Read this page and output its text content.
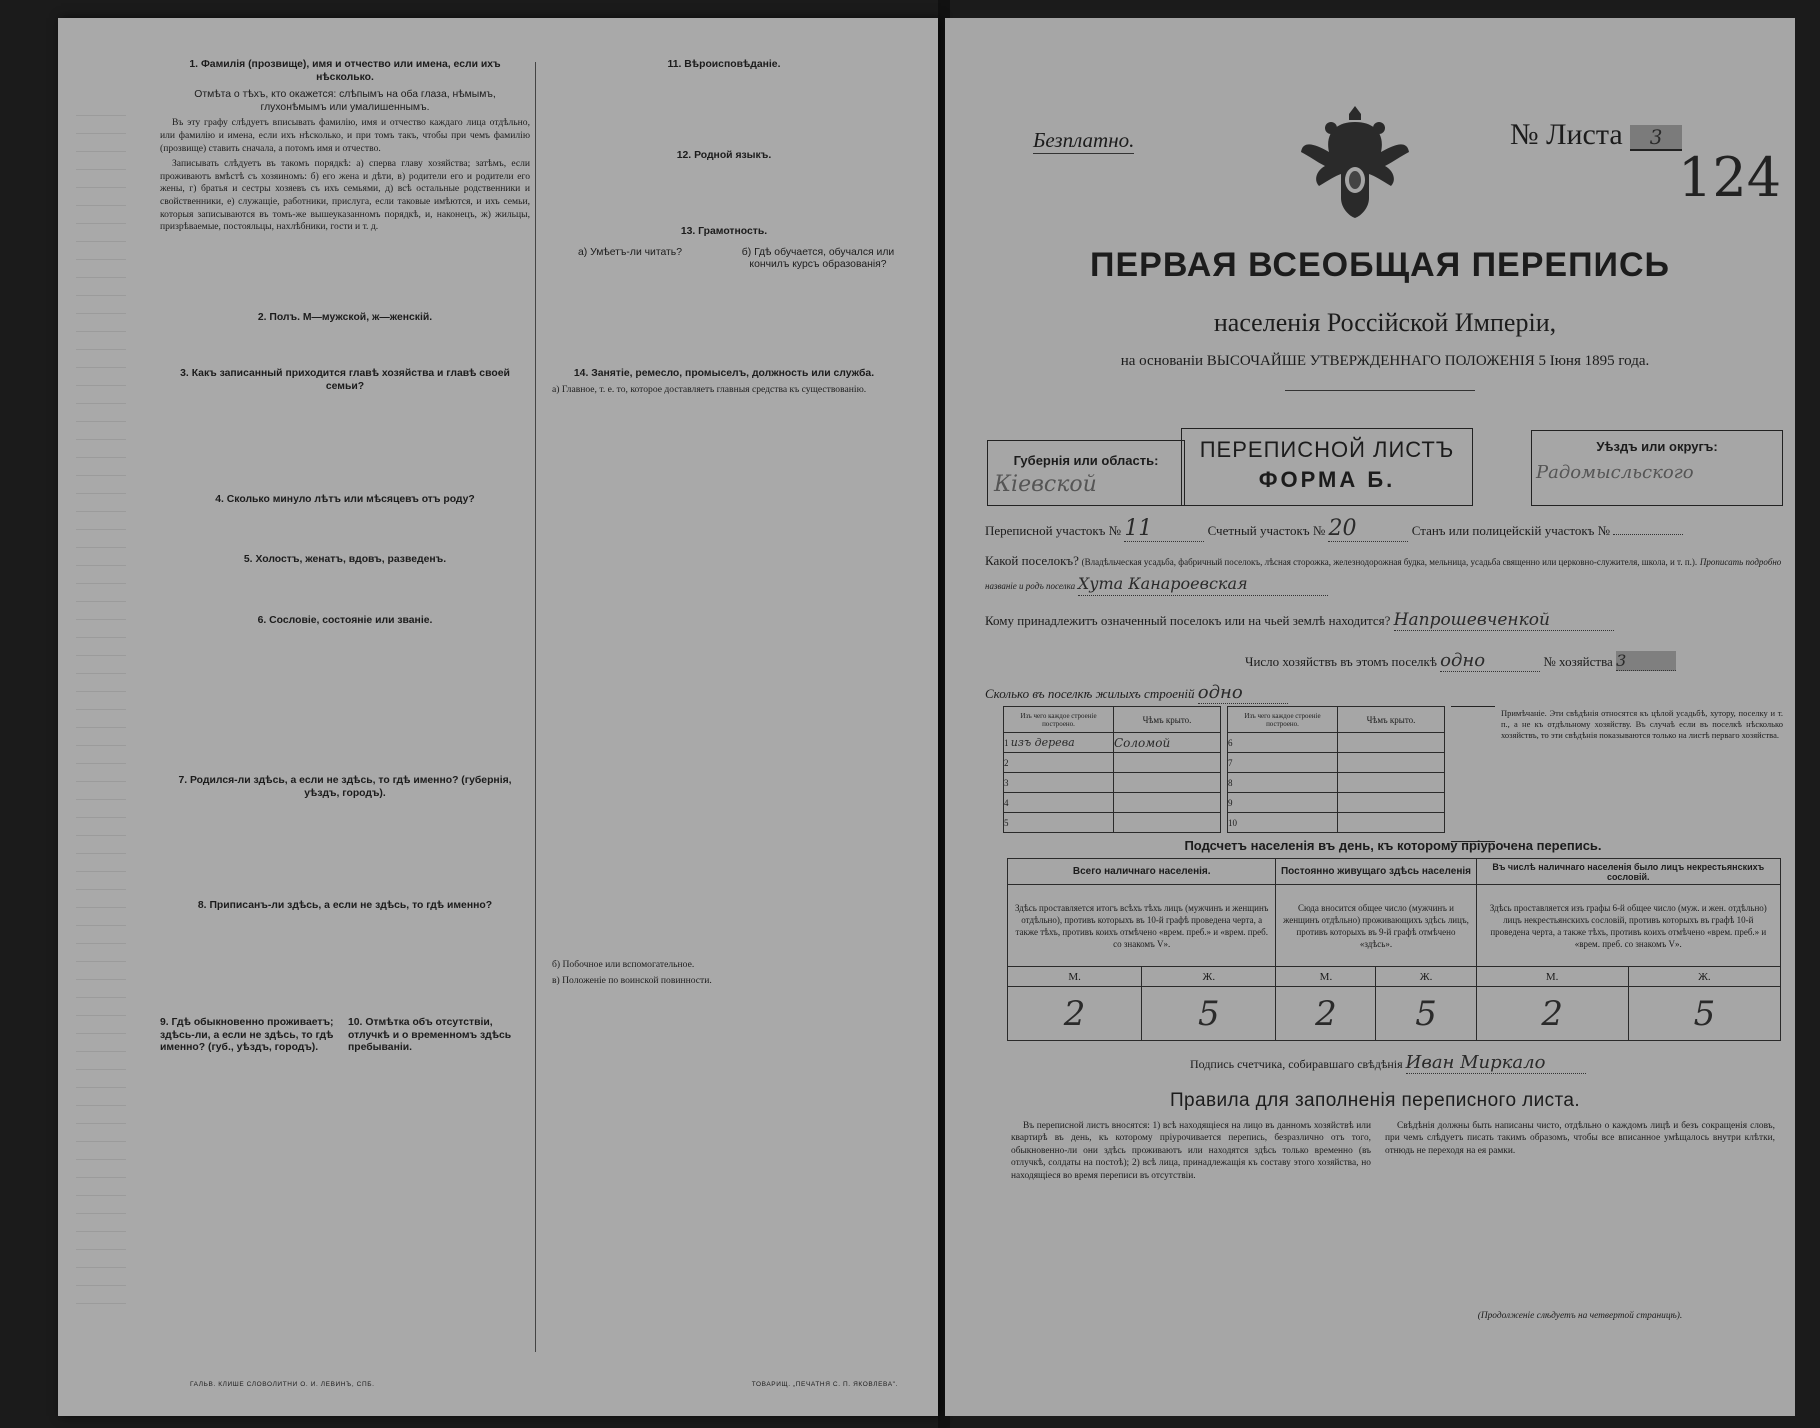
1. Фамилія (прозвище), имя и отчество или имена, если ихъ нѣсколько.
Отмѣта о тѣхъ, кто окажется: слѣпымъ на оба глаза, нѣмымъ, глухонѣмымъ или умалишеннымъ.
Въ эту графу слѣдуетъ вписывать фамилію, имя и отчество каждаго лица отдѣльно, или фамилію и имена, если ихъ нѣсколько, и при томъ такъ, чтобы при чемъ фамилію (прозвище) ставить сначала, а потомъ имя и отчество.
Записывать слѣдуетъ въ такомъ порядкѣ: а) сперва главу хозяйства; затѣмъ, если проживаютъ вмѣстѣ съ хозяиномъ: б) его жена и дѣти, в) родители его и родители его жены, г) братья и сестры хозяевъ съ ихъ семьями, д) всѣ остальные родственники и свойственники, е) служащіе, работники, прислуга, если таковые имѣются, и ихъ семьи, которыя записываются въ томъ-же вышеуказанномъ порядкѣ, и, наконецъ, ж) жильцы, призрѣваемые, постояльцы, нахлѣбники, гости и т. д.
2. Полъ. М—мужской, ж—женскій.
3. Какъ записанный приходится главѣ хозяйства и главѣ своей семьи?
4. Сколько минуло лѣтъ или мѣсяцевъ отъ роду?
5. Холостъ, женатъ, вдовъ, разведенъ.
6. Сословіе, состояніе или званіе.
7. Родился-ли здѣсь, а если не здѣсь, то гдѣ именно? (губернія, уѣздъ, городъ).
8. Приписанъ-ли здѣсь, а если не здѣсь, то гдѣ именно?
9. Гдѣ обыкновенно проживаетъ; здѣсь-ли, а если не здѣсь, то гдѣ именно? (губ., уѣздъ, городъ).
10. Отмѣтка объ отсутствіи, отлучкѣ и о временномъ здѣсь пребываніи.
11. Вѣроисповѣданіе.
12. Родной языкъ.
13. Грамотность.
а) Умѣетъ-ли читать?	б) Гдѣ обучается, обучался или кончилъ курсъ образованія?
14. Занятіе, ремесло, промыселъ, должность или служба.
а) Главное, т. е. то, которое доставляетъ главныя средства къ существованію.
б) Побочное или вспомогательное.
в) Положеніе по воинской повинности.
ГАЛЬВ. КЛИШЕ СЛОВОЛИТНИ О. И. ЛЕВИНЪ, СПБ.	ТОВАРИЩ. „ПЕЧАТНЯ С. П. ЯКОВЛЕВА".
Безплатно.	№ Листа 3
124
ПЕРВАЯ ВСЕОБЩАЯ ПЕРЕПИСЬ
населенія Россійской Имперіи,
на основаніи ВЫСОЧАЙШЕ УТВЕРЖДЕННАГО ПОЛОЖЕНІЯ 5 Іюня 1895 года.
Губернія или область:
Кіевской
ПЕРЕПИСНОЙ ЛИСТЪ
ФОРМА Б.
Уѣздъ или округъ:
Радомысльского
Переписной участокъ № 11	Счетный участокъ № 20	Станъ или полицейскій участокъ №
Какой поселокъ? (Владѣльческая усадьба, фабричный поселокъ, лѣсная сторожка, железнодорожная будка, мельница, усадьба священно или церковно-служителя, школа, и т. п.). Прописать подробно названіе и родъ поселка Хута Канароевская
Кому принадлежитъ означенный поселокъ или на чьей землѣ находится? Напрошевченкой
Число хозяйствъ въ этомъ поселкѣ одно	№ хозяйства 3
Сколько въ поселкѣ жилыхъ строеній одно
Изъ чего каждое строеніе построено.	Чѣмъ крыто.
1 изъ дерева	Соломой
2	
3	
4	
5	
Изъ чего каждое строеніе построено.	Чѣмъ крыто.
6	
7	
8	
9	
10	
Примѣчаніе. Эти свѣдѣнія относятся къ цѣлой усадьбѣ, хутору, поселку и т. п., а не къ отдѣльному хозяйству. Въ случаѣ если въ поселкѣ нѣсколько хозяйствъ, то эти свѣдѣнія показываются только на листѣ перваго хозяйства.
Подсчетъ населенія въ день, къ которому пріурочена перепись.
Всего наличнаго населенія.		Постоянно живущаго здѣсь населенія		Въ числѣ наличнаго населенія было лицъ некрестьянскихъ сословій.	
Здѣсь проставляется итогъ всѣхъ тѣхъ лицъ (мужчинъ и женщинъ отдѣльно), противъ которыхъ въ 10-й графѣ проведена черта, а также тѣхъ, противъ коихъ отмѣчено «врем. преб.» и «врем. преб. со знакомъ V».		Сюда вносится общее число (мужчинъ и женщинъ отдѣльно) проживающихъ здѣсь лицъ, противъ которыхъ въ 9-й графѣ отмѣчено «здѣсь».		Здѣсь проставляется изъ графы 6-й общее число (муж. и жен. отдѣльно) лицъ некрестьянскихъ сословій, противъ которыхъ въ графѣ 10-й проведена черта, а также тѣхъ, противъ коихъ отмѣчено «врем. преб.» и «врем. преб. со знакомъ V».	
М.	Ж.	М.	Ж.	М.	Ж.
2	5	2	5	2	5
Подпись счетчика, собиравшаго свѣдѣнія Иван Миркало
Правила для заполненія переписного листа.
Въ переписной листъ вносятся: 1) всѣ находящіеся на лицо въ данномъ хозяйствѣ или квартирѣ въ день, къ которому пріурочивается перепись, безразлично отъ того, обыкновенно-ли они здѣсь проживаютъ или находятся здѣсь только временно (въ отлучкѣ, солдаты на постоѣ); 2) всѣ лица, принадлежащія къ составу этого хозяйства, но находящіеся во время переписи въ отсутствіи.
Свѣдѣнія должны быть написаны чисто, отдѣльно о каждомъ лицѣ и безъ сокращенія словъ, при чемъ слѣдуетъ писать такимъ образомъ, чтобы все вписанное умѣщалось внутри клѣтки, отнюдь не переходя на ея рамки.
(Продолженіе слѣдуетъ на четвертой страницѣ).
